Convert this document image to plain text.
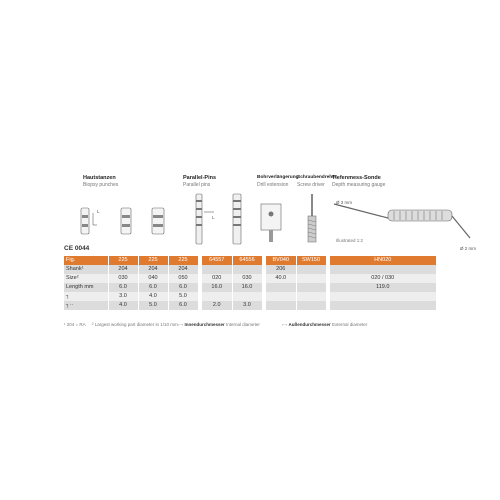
Hautstanzen
Biopsy punches
Parallel-Pins
Parallel pins
Bohrverlängerung
Drill extension
Schraubendreher
Screw driver
Tiefenmess-Sonde
Depth measuring gauge
L
L
Ø 3 mm
Ø 2 mm
Illustrated 1:2
CE 0044
Fig.	225	225	225		64557	64556		BV040	SW150		HN020
Shank¹	204	204	204					206			
Size²	030	040	050		020	030		40.0			020 / 030
Length mm	6.0	6.0	6.0		16.0	16.0					119.0
┐	3.0	4.0	5.0								
┐··	4.0	5.0	6.0		2.0	3.0					
¹ 204 = RA ² Largest working part diameter in 1/10 mm ⌐¬ Innendurchmesser Internal diameter	⌐¬ Außendurchmesser External diameter
